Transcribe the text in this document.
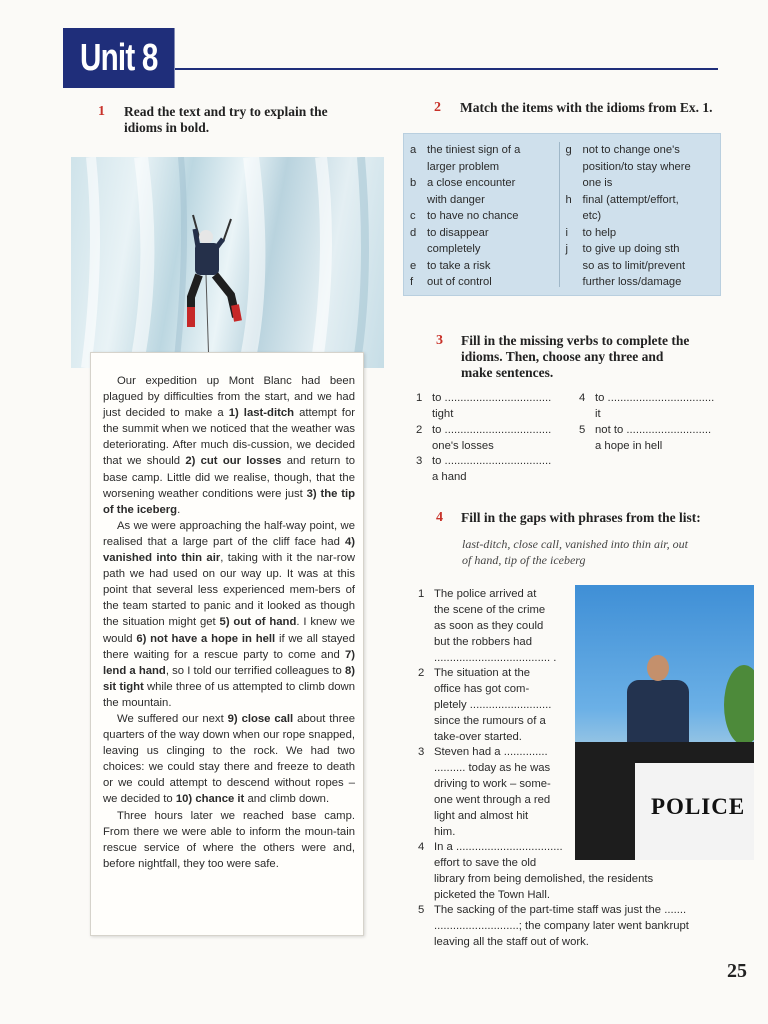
Unit 8
1 Read the text and try to explain the
idioms in bold.

Our expedition up Mont Blanc had been plagued by difficulties from the start, and we had just decided to make a 1) last-ditch attempt for the summit when we noticed that the weather was deteriorating. After much dis-cussion, we decided that we should 2) cut our losses and return to base camp. Little did we realise, though, that the worsening weather conditions were just 3) the tip of the iceberg.

As we were approaching the half-way point, we realised that a large part of the cliff face had 4) vanished into thin air, taking with it the nar-row path we had used on our way up. It was at this point that several less experienced mem-bers of the team started to panic and it looked as though the situation might get 5) out of hand. I knew we would 6) not have a hope in hell if we all stayed there waiting for a rescue party to come and 7) lend a hand, so I told our terrified colleagues to 8) sit tight while three of us attempted to climb down the mountain.

We suffered our next 9) close call about three quarters of the way down when our rope snapped, leaving us clinging to the rock. We had two choices: we could stay there and freeze to death or we could attempt to descend without ropes – we decided to 10) chance it and climb down.

Three hours later we reached base camp. From there we were able to inform the moun-tain rescue service of where the others were and, before nightfall, they too were safe.

2 Match the items with the idioms from Ex. 1.
a the tiniest sign of a
larger problem
b a close encounter
with danger
c	to have no chance
d to disappear
completely
e to take a risk
f	out of control
g not to change one's
position/to stay where
one is
h final (attempt/effort,
etc)
i	to help
j	to give up doing sth
so as to limit/prevent
further loss/damage
3 Fill in the missing verbs to complete the
idioms. Then, choose any three and
make sentences.
1 to ..................................
tight
2 to ..................................
one's losses
3 to ..................................
a hand
4 to ..................................
it
5 not to ...........................
a hope in hell
4 Fill in the gaps with phrases from the list:
last-ditch, close call, vanished into thin air, out
of hand, tip of the iceberg
POLICE
1 The police arrived at
the scene of the crime
as soon as they could
but the robbers had
..................................... .
2 The situation at the
office has got com-
pletely ..........................
since the rumours of a
take-over started.
3 Steven had a ..............
.......... today as he was
driving to work – some-
one went through a red
light and almost hit
him.
4 In a ..................................
effort to save the old
library from being demolished, the residents
picketed the Town Hall.
5 The sacking of the part-time staff was just the .......
...........................; the company later went bankrupt
leaving all the staff out of work.
25
